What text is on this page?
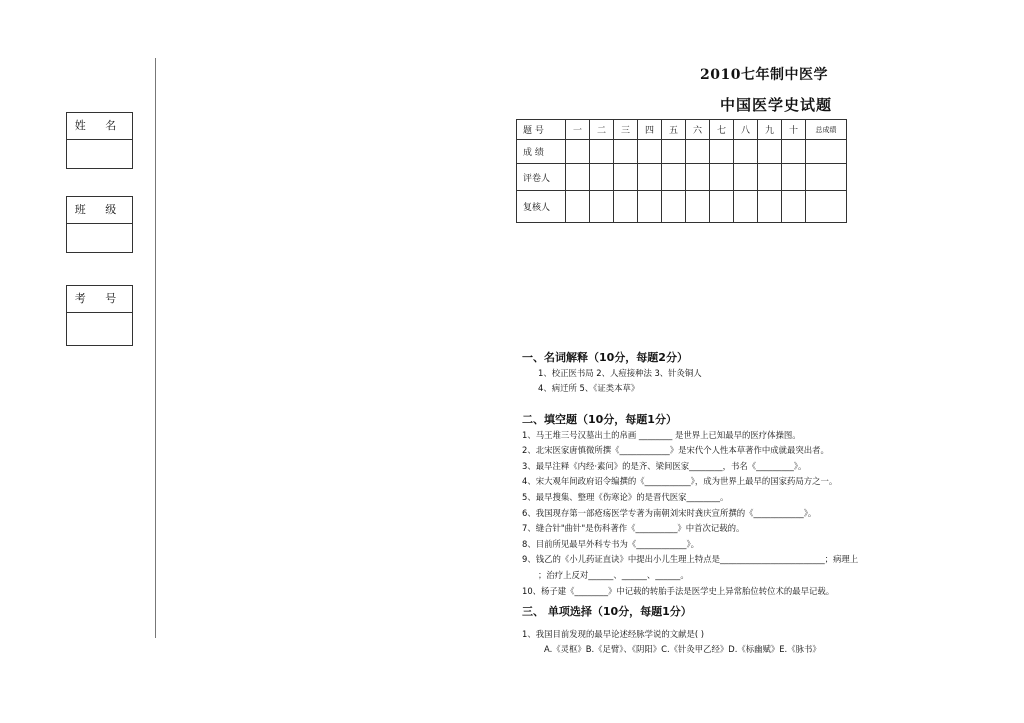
姓 名
班 级
考 号
2010七年制中医学
中国医学史试题
题 号	一	二	三	四	五	六	七	八	九	十	总成绩
成 绩											
评卷人											
复核人											
一、名词解释（10分，每题2分）
1、校正医书局 2、人痘接种法 3、针灸铜人
4、病迁所 5、《证类本草》
二、填空题（10分，每题1分）
1、马王堆三号汉墓出土的帛画 ________ 是世界上已知最早的医疗体操图。
2、北宋医家唐慎微所撰《____________》是宋代个人性本草著作中成就最突出者。
3、最早注释《内经·素问》的是齐、梁间医家________，书名《_________》。
4、宋大观年间政府诏令编撰的《___________》，成为世界上最早的国家药局方之一。
5、最早搜集、整理《伤寒论》的是晋代医家________。
6、我国现存第一部疮疡医学专著为南朝刘宋时龚庆宣所撰的《____________》。
7、缝合针"曲针"是伤科著作《__________》中首次记载的。
8、目前所见最早外科专书为《____________》。
9、钱乙的《小儿药证直诀》中提出小儿生理上特点是_________________________；病理上
；治疗上反对______、______、______。
10、杨子建《________》中记载的转胎手法是医学史上异常胎位转位术的最早记载。
三、 单项选择（10分，每题1分）
1、我国目前发现的最早论述经脉学说的文献是( )
A.《灵枢》B.《足臂》、《阴阳》C.《针灸甲乙经》D.《标幽赋》E.《脉书》
